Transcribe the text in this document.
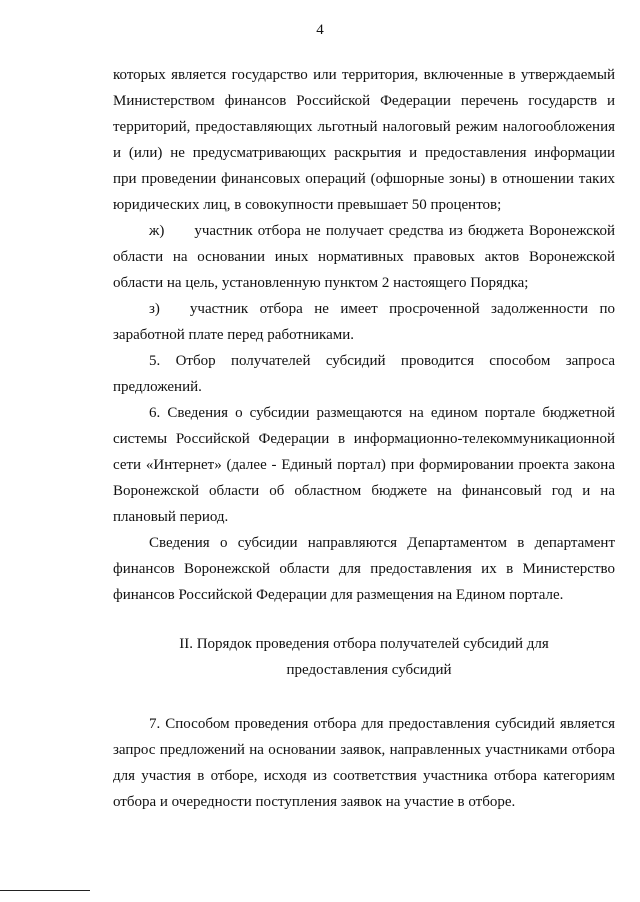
4
которых является государство или территория, включенные в утверждаемый
Министерством финансов Российской Федерации перечень государств и
территорий, предоставляющих льготный налоговый режим налогообложения
и (или) не предусматривающих раскрытия и предоставления информации
при проведении финансовых операций (офшорные зоны) в отношении таких
юридических лиц, в совокупности превышает 50 процентов;
ж)  участник отбора не получает средства из бюджета Воронежской
области на основании иных нормативных правовых актов Воронежской
области на цель, установленную пунктом 2 настоящего Порядка;
з)  участник отбора не имеет просроченной задолженности по
заработной плате перед работниками.
5. Отбор получателей субсидий проводится способом запроса
предложений.
6. Сведения о субсидии размещаются на едином портале бюджетной
системы Российской Федерации в информационно-телекоммуникационной
сети «Интернет» (далее - Единый портал) при формировании проекта закона
Воронежской области об областном бюджете на финансовый год и на
плановый период.
Сведения о субсидии направляются Департаментом в департамент
финансов Воронежской области для предоставления их в Министерство
финансов Российской Федерации для размещения на Едином портале.
II. Порядок проведения отбора получателей субсидий для
предоставления субсидий
7. Способом проведения отбора для предоставления субсидий является
запрос предложений на основании заявок, направленных участниками отбора
для участия в отборе, исходя из соответствия участника отбора категориям
отбора и очередности поступления заявок на участие в отборе.
